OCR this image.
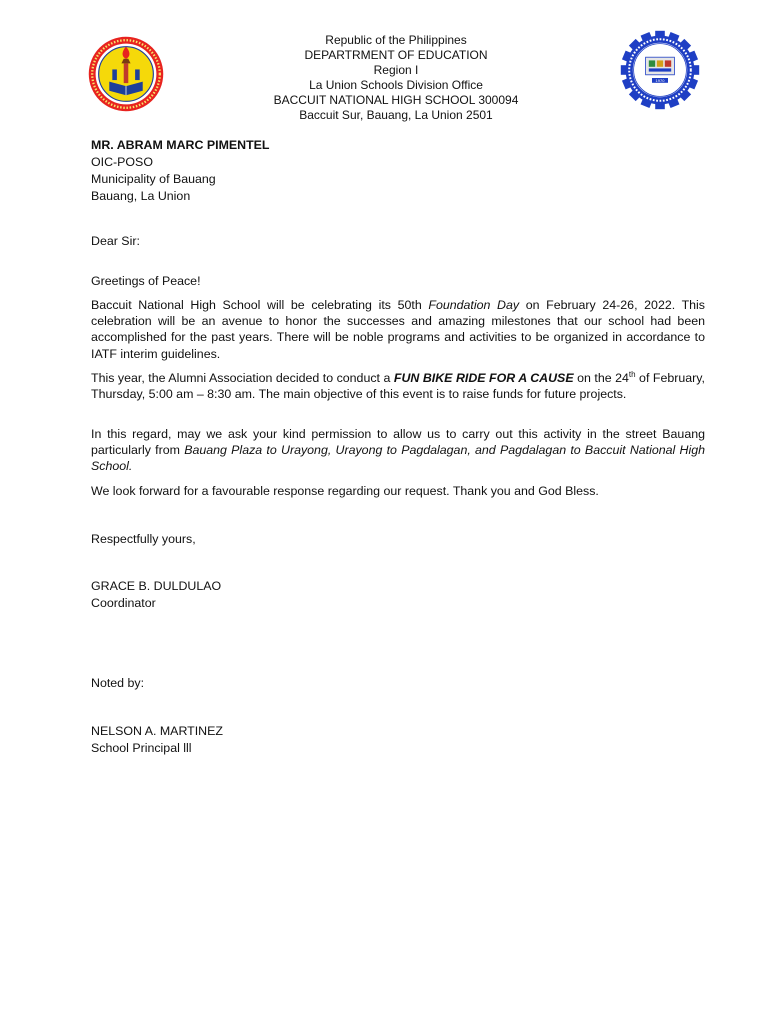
1970
Republic of the Philippines
DEPARTRMENT OF EDUCATION
Region I
La Union Schools Division Office
BACCUIT NATIONAL HIGH SCHOOL 300094
Baccuit Sur, Bauang, La Union 2501
MR. ABRAM MARC PIMENTEL
OIC-POSO
Municipality of Bauang
Bauang, La Union
Dear Sir:
Greetings of Peace!
Baccuit National High School will be celebrating its 50th Foundation Day on February 24-26, 2022. This celebration will be an avenue to honor the successes and amazing milestones that our school had been accomplished for the past years. There will be noble programs and activities to be organized in accordance to IATF interim guidelines.
This year, the Alumni Association decided to conduct a FUN BIKE RIDE FOR A CAUSE on the 24th of February, Thursday, 5:00 am – 8:30 am. The main objective of this event is to raise funds for future projects.
In this regard, may we ask your kind permission to allow us to carry out this activity in the street Bauang particularly from Bauang Plaza to Urayong, Urayong to Pagdalagan, and Pagdalagan to Baccuit National High School.
We look forward for a favourable response regarding our request. Thank you and God Bless.
Respectfully yours,
GRACE B. DULDULAO
Coordinator
Noted by:
NELSON A. MARTINEZ
School Principal lll
